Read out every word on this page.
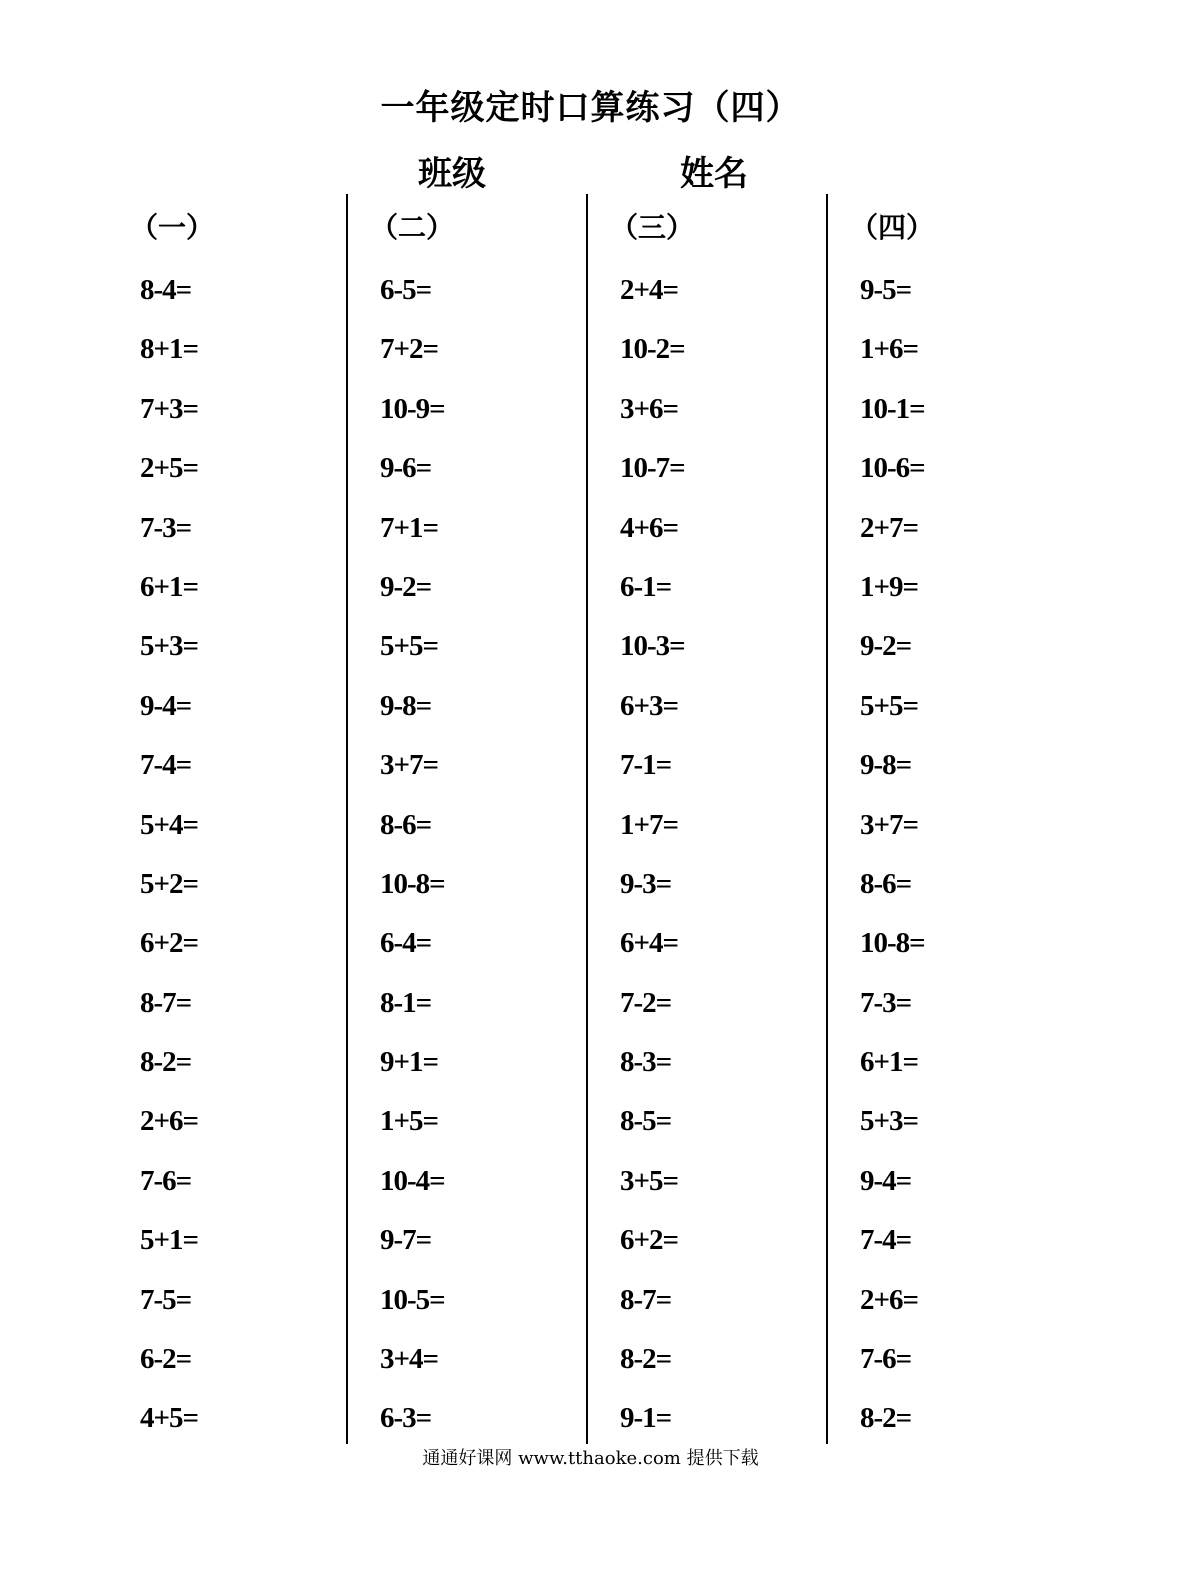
一年级定时口算练习（四）
班级	姓名
（一）
8-4=
8+1=
7+3=
2+5=
7-3=
6+1=
5+3=
9-4=
7-4=
5+4=
5+2=
6+2=
8-7=
8-2=
2+6=
7-6=
5+1=
7-5=
6-2=
4+5=
（二）
6-5=
7+2=
10-9=
9-6=
7+1=
9-2=
5+5=
9-8=
3+7=
8-6=
10-8=
6-4=
8-1=
9+1=
1+5=
10-4=
9-7=
10-5=
3+4=
6-3=
（三）
2+4=
10-2=
3+6=
10-7=
4+6=
6-1=
10-3=
6+3=
7-1=
1+7=
9-3=
6+4=
7-2=
8-3=
8-5=
3+5=
6+2=
8-7=
8-2=
9-1=
（四）
9-5=
1+6=
10-1=
10-6=
2+7=
1+9=
9-2=
5+5=
9-8=
3+7=
8-6=
10-8=
7-3=
6+1=
5+3=
9-4=
7-4=
2+6=
7-6=
8-2=
通通好课网 www.tthaoke.com 提供下载
